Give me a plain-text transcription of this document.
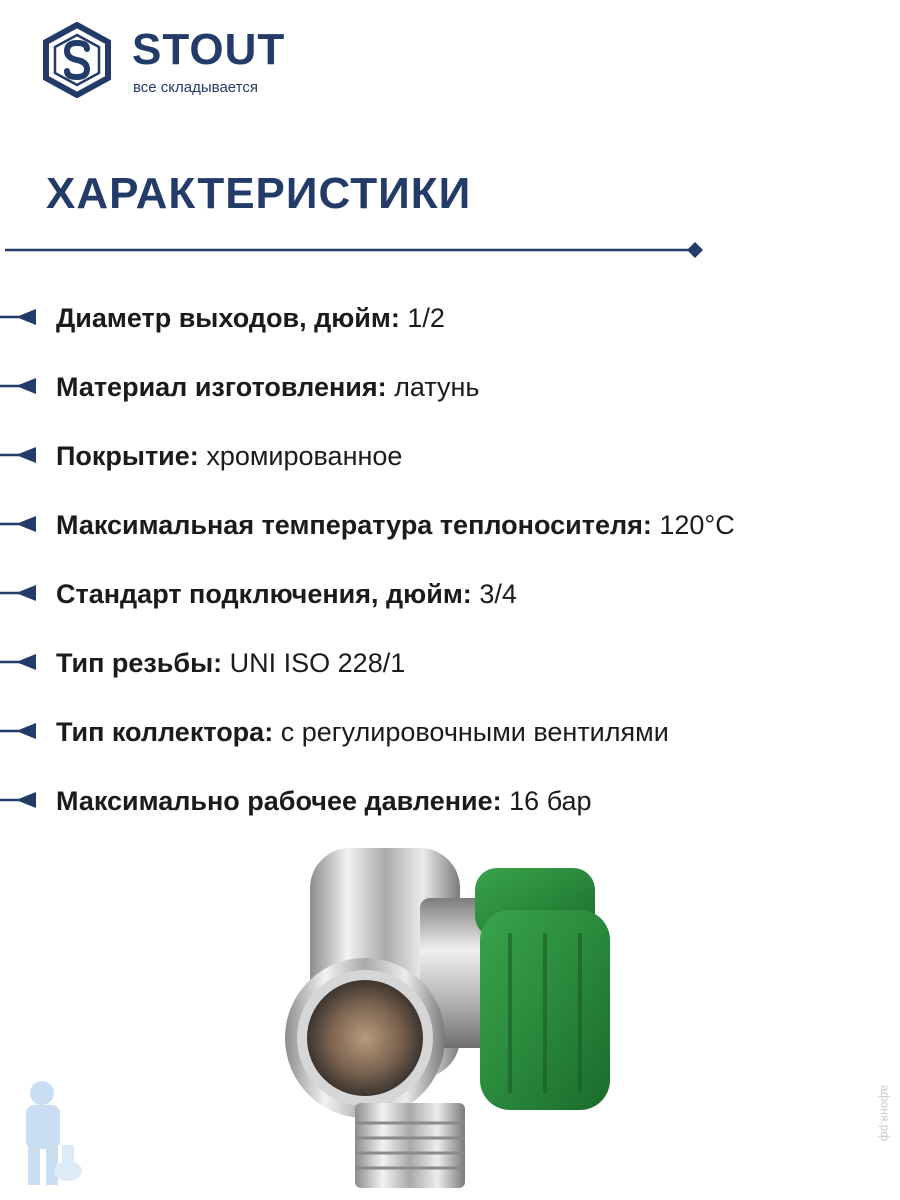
STOUT
все складывается
ХАРАКТЕРИСТИКИ
Диаметр выходов, дюйм: 1/2
Материал изготовления: латунь
Покрытие: хромированное
Максимальная температура теплоносителя: 120°C
Стандарт подключения, дюйм: 3/4
Тип резьбы: UNI ISO 228/1
Тип коллектора: с регулировочными вентилями
Максимально рабочее давление: 16 бар
афоня.рф
